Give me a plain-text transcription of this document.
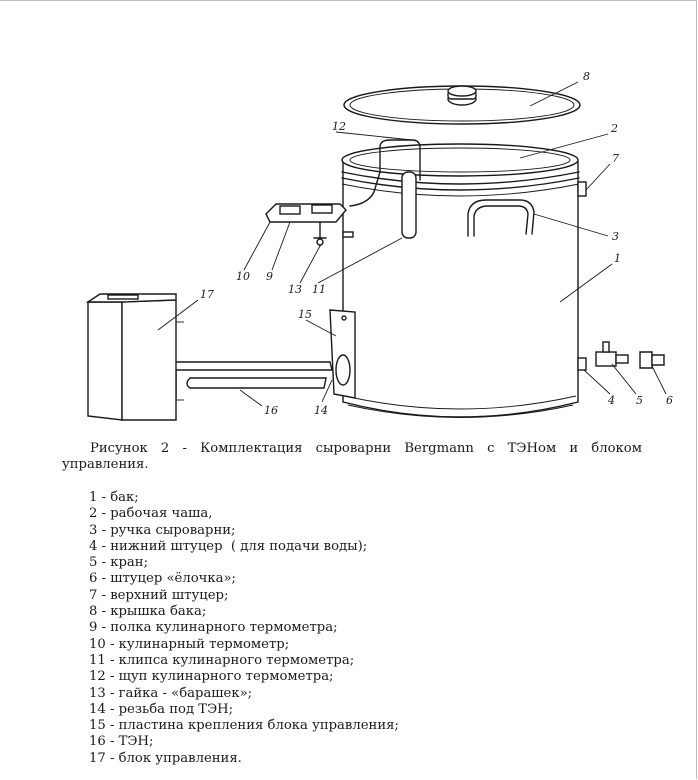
8
2
7
12
3
1
10 9
13 11
17
15
14
16
4 5 6

Рисунок 2 - Комплектация сыроварни Bergmann с ТЭНом и блоком управления.

1 - бак;
2 - рабочая чаша,
3 - ручка сыроварни;
4 - нижний штуцер  ( для подачи воды);
5 - кран;
6 - штуцер «ёлочка»;
7 - верхний штуцер;
8 - крышка бака;
9 - полка кулинарного термометра;
10 - кулинарный термометр;
11 - клипса кулинарного термометра;
12 - щуп кулинарного термометра;
13 - гайка - «барашек»;
14 - резьба под ТЭН;
15 - пластина крепления блока управления;
16 - ТЭН;
17 - блок управления.
